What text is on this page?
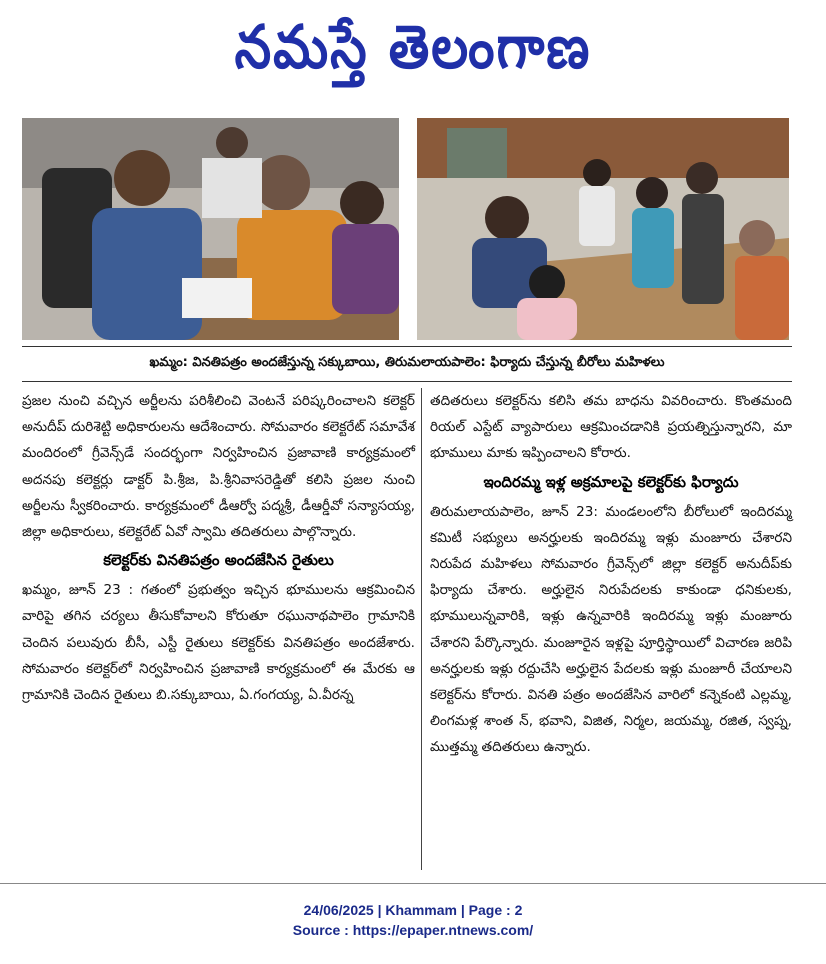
నమస్తే తెలంగాణ
ఖమ్మం: వినతిపత్రం అందజేస్తున్న సక్కుబాయి, తిరుమలాయపాలెం: ఫిర్యాదు చేస్తున్న బీరోలు మహిళలు

ప్రజల నుంచి వచ్చిన అర్జీలను పరిశీలించి వెంటనే పరిష్కరించాలని కలెక్టర్ అనుదీప్ దురిశెట్టి అధికారులను ఆదేశించారు. సోమవారం కలెక్టరేట్ సమావేశ మందిరంలో గ్రీవెన్స్‌డే సందర్భంగా నిర్వహించిన ప్రజావాణి కార్యక్రమంలో అదనపు కలెక్టర్లు డాక్టర్ పి.శ్రీజ, పి.శ్రీనివాసరెడ్డితో కలిసి ప్రజల నుంచి అర్జీలను స్వీకరించారు. కార్యక్రమంలో డీఆర్వో పద్మశ్రీ, డీఆర్డీవో సన్యాసయ్య, జిల్లా అధికారులు, కలెక్టరేట్ ఏవో స్వామి తదితరులు పాల్గొన్నారు.

కలెక్టర్‌కు వినతిపత్రం అందజేసిన రైతులు

ఖమ్మం, జూన్ 23 : గతంలో ప్రభుత్వం ఇచ్చిన భూములను ఆక్రమించిన వారిపై తగిన చర్యలు తీసుకోవాలని కోరుతూ రఘునాథపాలెం గ్రామానికి చెందిన పలువురు బీసీ, ఎస్టీ రైతులు కలెక్టర్‌కు వినతిపత్రం అందజేశారు. సోమవారం కలెక్టర్‌లో నిర్వహించిన ప్రజావాణి కార్యక్రమంలో ఈ మేరకు ఆ గ్రామానికి చెందిన రైతులు బి.సక్కుబాయి, ఏ.గంగయ్య, ఏ.వీరన్న

తదితరులు కలెక్టర్‌ను కలిసి తమ బాధను వివరించారు. కొంతమంది రియల్ ఎస్టేట్ వ్యాపారులు ఆక్రమించడానికి ప్రయత్నిస్తున్నారని, మా భూములు మాకు ఇప్పించాలని కోరారు.

ఇందిరమ్మ ఇళ్ల అక్రమాలపై కలెక్టర్‌కు ఫిర్యాదు

తిరుమలాయపాలెం, జూన్ 23: మండలంలోని బీరోలులో ఇందిరమ్మ కమిటీ సభ్యులు అనర్హులకు ఇందిరమ్మ ఇళ్లు మంజూరు చేశారని నిరుపేద మహిళలు సోమవారం గ్రీవెన్స్‌లో జిల్లా కలెక్టర్ అనుదీప్‌కు ఫిర్యాదు చేశారు. అర్హులైన నిరుపేదలకు కాకుండా ధనికులకు, భూములున్నవారికి, ఇళ్లు ఉన్నవారికి ఇందిరమ్మ ఇళ్లు మంజూరు చేశారని పేర్కొన్నారు. మంజూరైన ఇళ్లపై పూర్తిస్థాయిలో విచారణ జరిపి అనర్హులకు ఇళ్లు రద్దుచేసి అర్హులైన పేదలకు ఇళ్లు మంజూరీ చేయాలని కలెక్టర్‌ను కోరారు. వినతి పత్రం అందజేసిన వారిలో కన్నెకంటి ఎల్లమ్మ, లింగమళ్ల శాంత న్, భవాని, విజిత, నిర్మల, జయమ్మ, రజిత, స్వప్న, ముత్తమ్మ తదితరులు ఉన్నారు.

24/06/2025 | Khammam | Page : 2
Source : https://epaper.ntnews.com/
